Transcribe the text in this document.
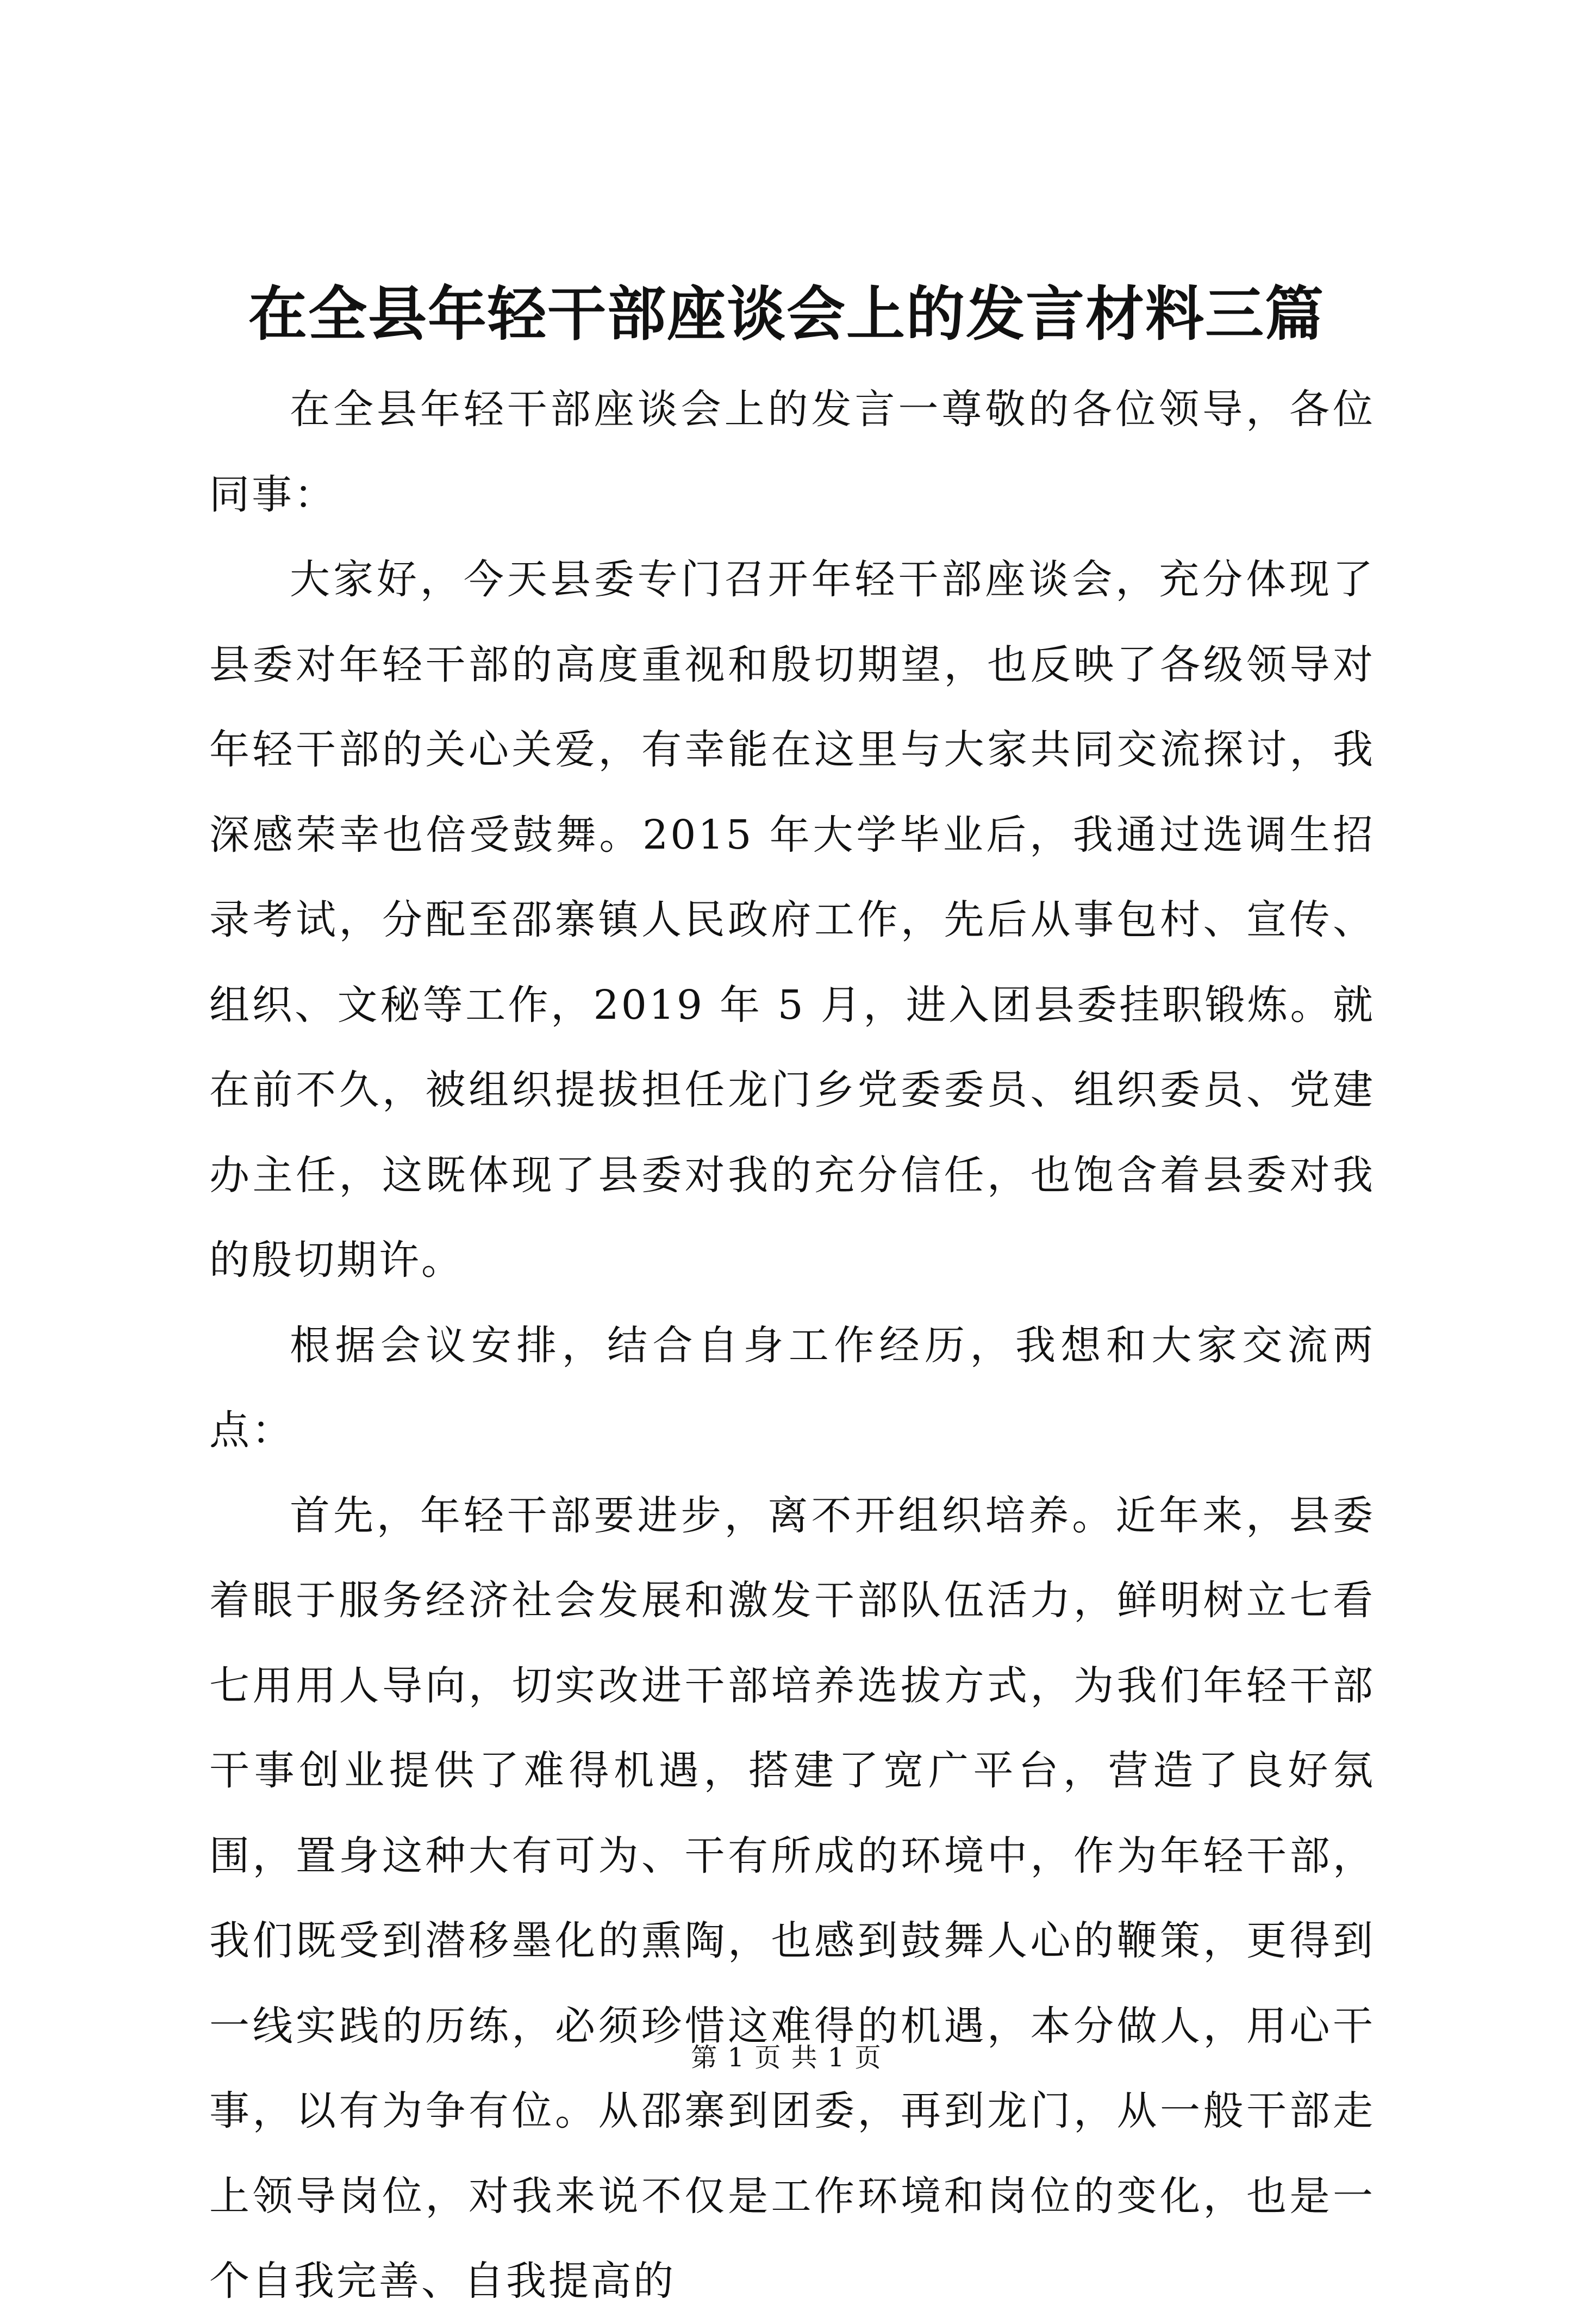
在全县年轻干部座谈会上的发言材料三篇

在全县年轻干部座谈会上的发言一尊敬的各位领导，各位同事：

大家好，今天县委专门召开年轻干部座谈会，充分体现了县委对年轻干部的高度重视和殷切期望，也反映了各级领导对年轻干部的关心关爱，有幸能在这里与大家共同交流探讨，我深感荣幸也倍受鼓舞。2015 年大学毕业后，我通过选调生招录考试，分配至邵寨镇人民政府工作，先后从事包村、宣传、组织、文秘等工作，2019 年 5 月，进入团县委挂职锻炼。就在前不久，被组织提拔担任龙门乡党委委员、组织委员、党建办主任，这既体现了县委对我的充分信任，也饱含着县委对我的殷切期许。

根据会议安排，结合自身工作经历，我想和大家交流两点：

首先，年轻干部要进步，离不开组织培养。近年来，县委着眼于服务经济社会发展和激发干部队伍活力，鲜明树立七看七用用人导向，切实改进干部培养选拔方式，为我们年轻干部干事创业提供了难得机遇，搭建了宽广平台，营造了良好氛围，置身这种大有可为、干有所成的环境中，作为年轻干部，我们既受到潜移墨化的熏陶，也感到鼓舞人心的鞭策，更得到一线实践的历练，必须珍惜这难得的机遇，本分做人，用心干事，以有为争有位。从邵寨到团委，再到龙门，从一般干部走上领导岗位，对我来说不仅是工作环境和岗位的变化，也是一个自我完善、自我提高的

第 1 页 共 1 页
